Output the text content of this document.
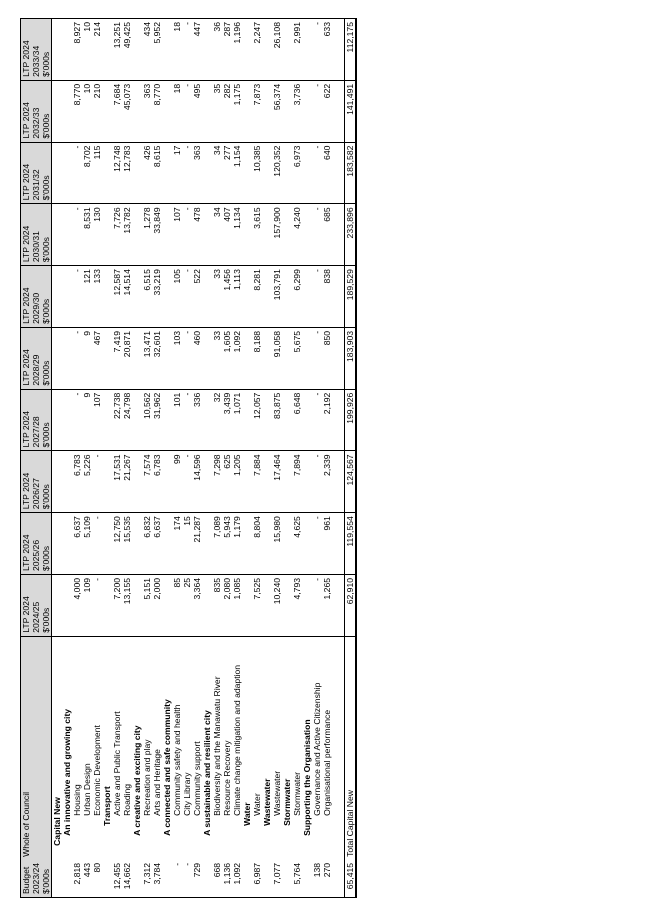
Budget	Whole of Council	LTP 2024	LTP 2024	LTP 2024	LTP 2024	LTP 2024	LTP 2024	LTP 2024	LTP 2024	LTP 2024	LTP 2024
2023/24		2024/25	2025/26	2026/27	2027/28	2028/29	2029/30	2030/31	2031/32	2032/33	2033/34
$'000s		$'000s	$'000s	$'000s	$'000s	$'000s	$'000s	$'000s	$'000s	$'000s	$'000s
	Capital New										
	An innovative and growing city										
2,818	Housing	4,000	6,637	6,783	-	-	-	-	-	8,770	8,927
443	Urban Design	109	5,109	5,226	9	9	121	8,531	8,702	10	10
80	Economic Development	-	-	-	107	467	133	130	115	210	214
	Transport										
12,455	Active and Public Transport	7,200	12,750	17,531	22,738	7,419	12,587	7,726	12,748	7,684	13,251
14,662	Roading	13,155	15,535	21,267	24,798	20,871	14,514	13,782	12,783	45,073	49,425
	A creative and exciting city										
7,312	Recreation and play	5,151	6,832	7,574	10,562	13,471	6,515	1,278	426	363	434
3,784	Arts and Heritage	2,000	6,637	6,783	31,962	32,601	33,219	33,849	8,615	8,770	5,952
	A connected and safe community										
-	Community safety and health	85	174	99	101	103	105	107	17	18	18
-	City Library	25	15	-	-	-	-	-	-	-	-
729	Community support	3,364	21,287	14,596	336	460	522	478	363	495	447
	A sustainable and resilient city										
668	Biodiversity and the Manawatu River	835	7,089	7,298	32	33	33	34	34	35	36
1,136	Resource Recovery	2,080	5,943	625	3,439	1,605	1,456	407	277	282	287
1,092	Climate change mitigation and adaption	1,085	1,179	1,205	1,071	1,092	1,113	1,134	1,154	1,175	1,196
	Water										
6,987	Water	7,525	8,804	7,884	12,057	8,188	8,281	3,615	10,385	7,873	2,247
	Wastewater										
7,077	Wastewater	10,240	15,980	17,464	83,875	91,058	103,791	157,900	120,352	56,374	26,108
	Stormwater										
5,764	Stormwater	4,793	4,625	7,894	6,648	5,675	6,299	4,240	6,973	3,736	2,991
	Supporting the Organisation										
138	Governance and Active Citizenship	-	-	-	-	-	-	-	-	-	-
270	Organisational performance	1,265	961	2,339	2,192	850	838	685	640	622	633

65,415	Total Capital New	62,910	119,554	124,567	199,926	183,903	189,529	233,896	183,582	141,491	112,175
